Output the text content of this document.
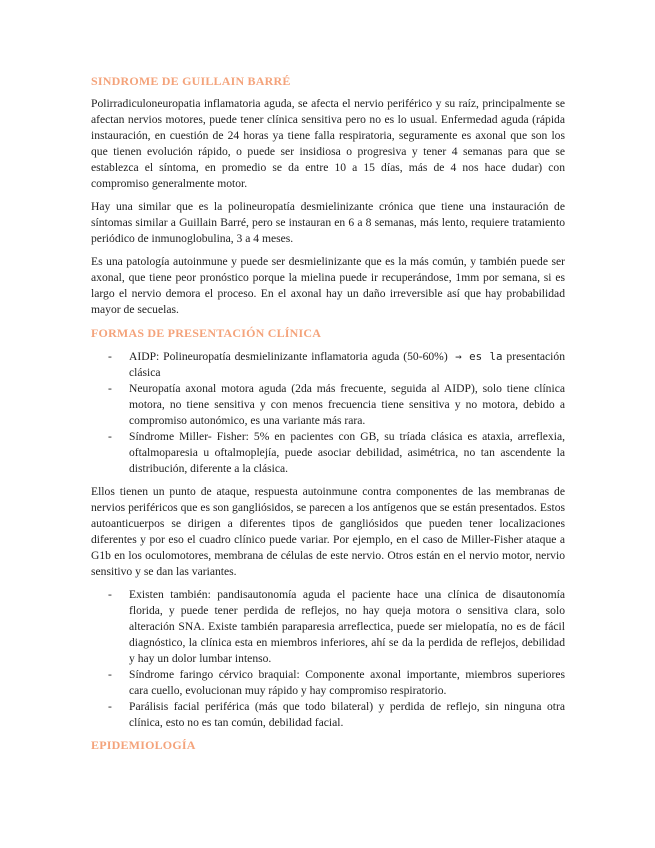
SINDROME DE GUILLAIN BARRÉ

Polirradiculoneuropatia inflamatoria aguda, se afecta el nervio periférico y su raíz, principalmente se afectan nervios motores, puede tener clínica sensitiva pero no es lo usual. Enfermedad aguda (rápida instauración, en cuestión de 24 horas ya tiene falla respiratoria, seguramente es axonal que son los que tienen evolución rápido, o puede ser insidiosa o progresiva y tener 4 semanas para que se establezca el síntoma, en promedio se da entre 10 a 15 días, más de 4 nos hace dudar) con compromiso generalmente motor.

Hay una similar que es la polineuropatía desmielinizante crónica que tiene una instauración de síntomas similar a Guillain Barré, pero se instauran en 6 a 8 semanas, más lento, requiere tratamiento periódico de inmunoglobulina, 3 a 4 meses.

Es una patología autoinmune y puede ser desmielinizante que es la más común, y también puede ser axonal, que tiene peor pronóstico porque la mielina puede ir recuperándose, 1mm por semana, si es largo el nervio demora el proceso. En el axonal hay un daño irreversible así que hay probabilidad mayor de secuelas.

FORMAS DE PRESENTACIÓN CLÍNICA
- AIDP: Polineuropatía desmielinizante inflamatoria aguda (50-60%) → es la presentación clásica
- Neuropatía axonal motora aguda (2da más frecuente, seguida al AIDP), solo tiene clínica motora, no tiene sensitiva y con menos frecuencia tiene sensitiva y no motora, debido a compromiso autonómico, es una variante más rara.
- Síndrome Miller- Fisher: 5% en pacientes con GB, su tríada clásica es ataxia, arreflexia, oftalmoparesia u oftalmoplejía, puede asociar debilidad, asimétrica, no tan ascendente la distribución, diferente a la clásica.

Ellos tienen un punto de ataque, respuesta autoinmune contra componentes de las membranas de nervios periféricos que es son gangliósidos, se parecen a los antígenos que se están presentados. Estos autoanticuerpos se dirigen a diferentes tipos de gangliósidos que pueden tener localizaciones diferentes y por eso el cuadro clínico puede variar. Por ejemplo, en el caso de Miller-Fisher ataque a G1b en los oculomotores, membrana de células de este nervio. Otros están en el nervio motor, nervio sensitivo y se dan las variantes.

- Existen también: pandisautonomía aguda el paciente hace una clínica de disautonomía florida, y puede tener perdida de reflejos, no hay queja motora o sensitiva clara, solo alteración SNA. Existe también paraparesia arreflectica, puede ser mielopatía, no es de fácil diagnóstico, la clínica esta en miembros inferiores, ahí se da la perdida de reflejos, debilidad y hay un dolor lumbar intenso.
- Síndrome faringo cérvico braquial: Componente axonal importante, miembros superiores cara cuello, evolucionan muy rápido y hay compromiso respiratorio.
- Parálisis facial periférica (más que todo bilateral) y perdida de reflejo, sin ninguna otra clínica, esto no es tan común, debilidad facial.
EPIDEMIOLOGÍA
